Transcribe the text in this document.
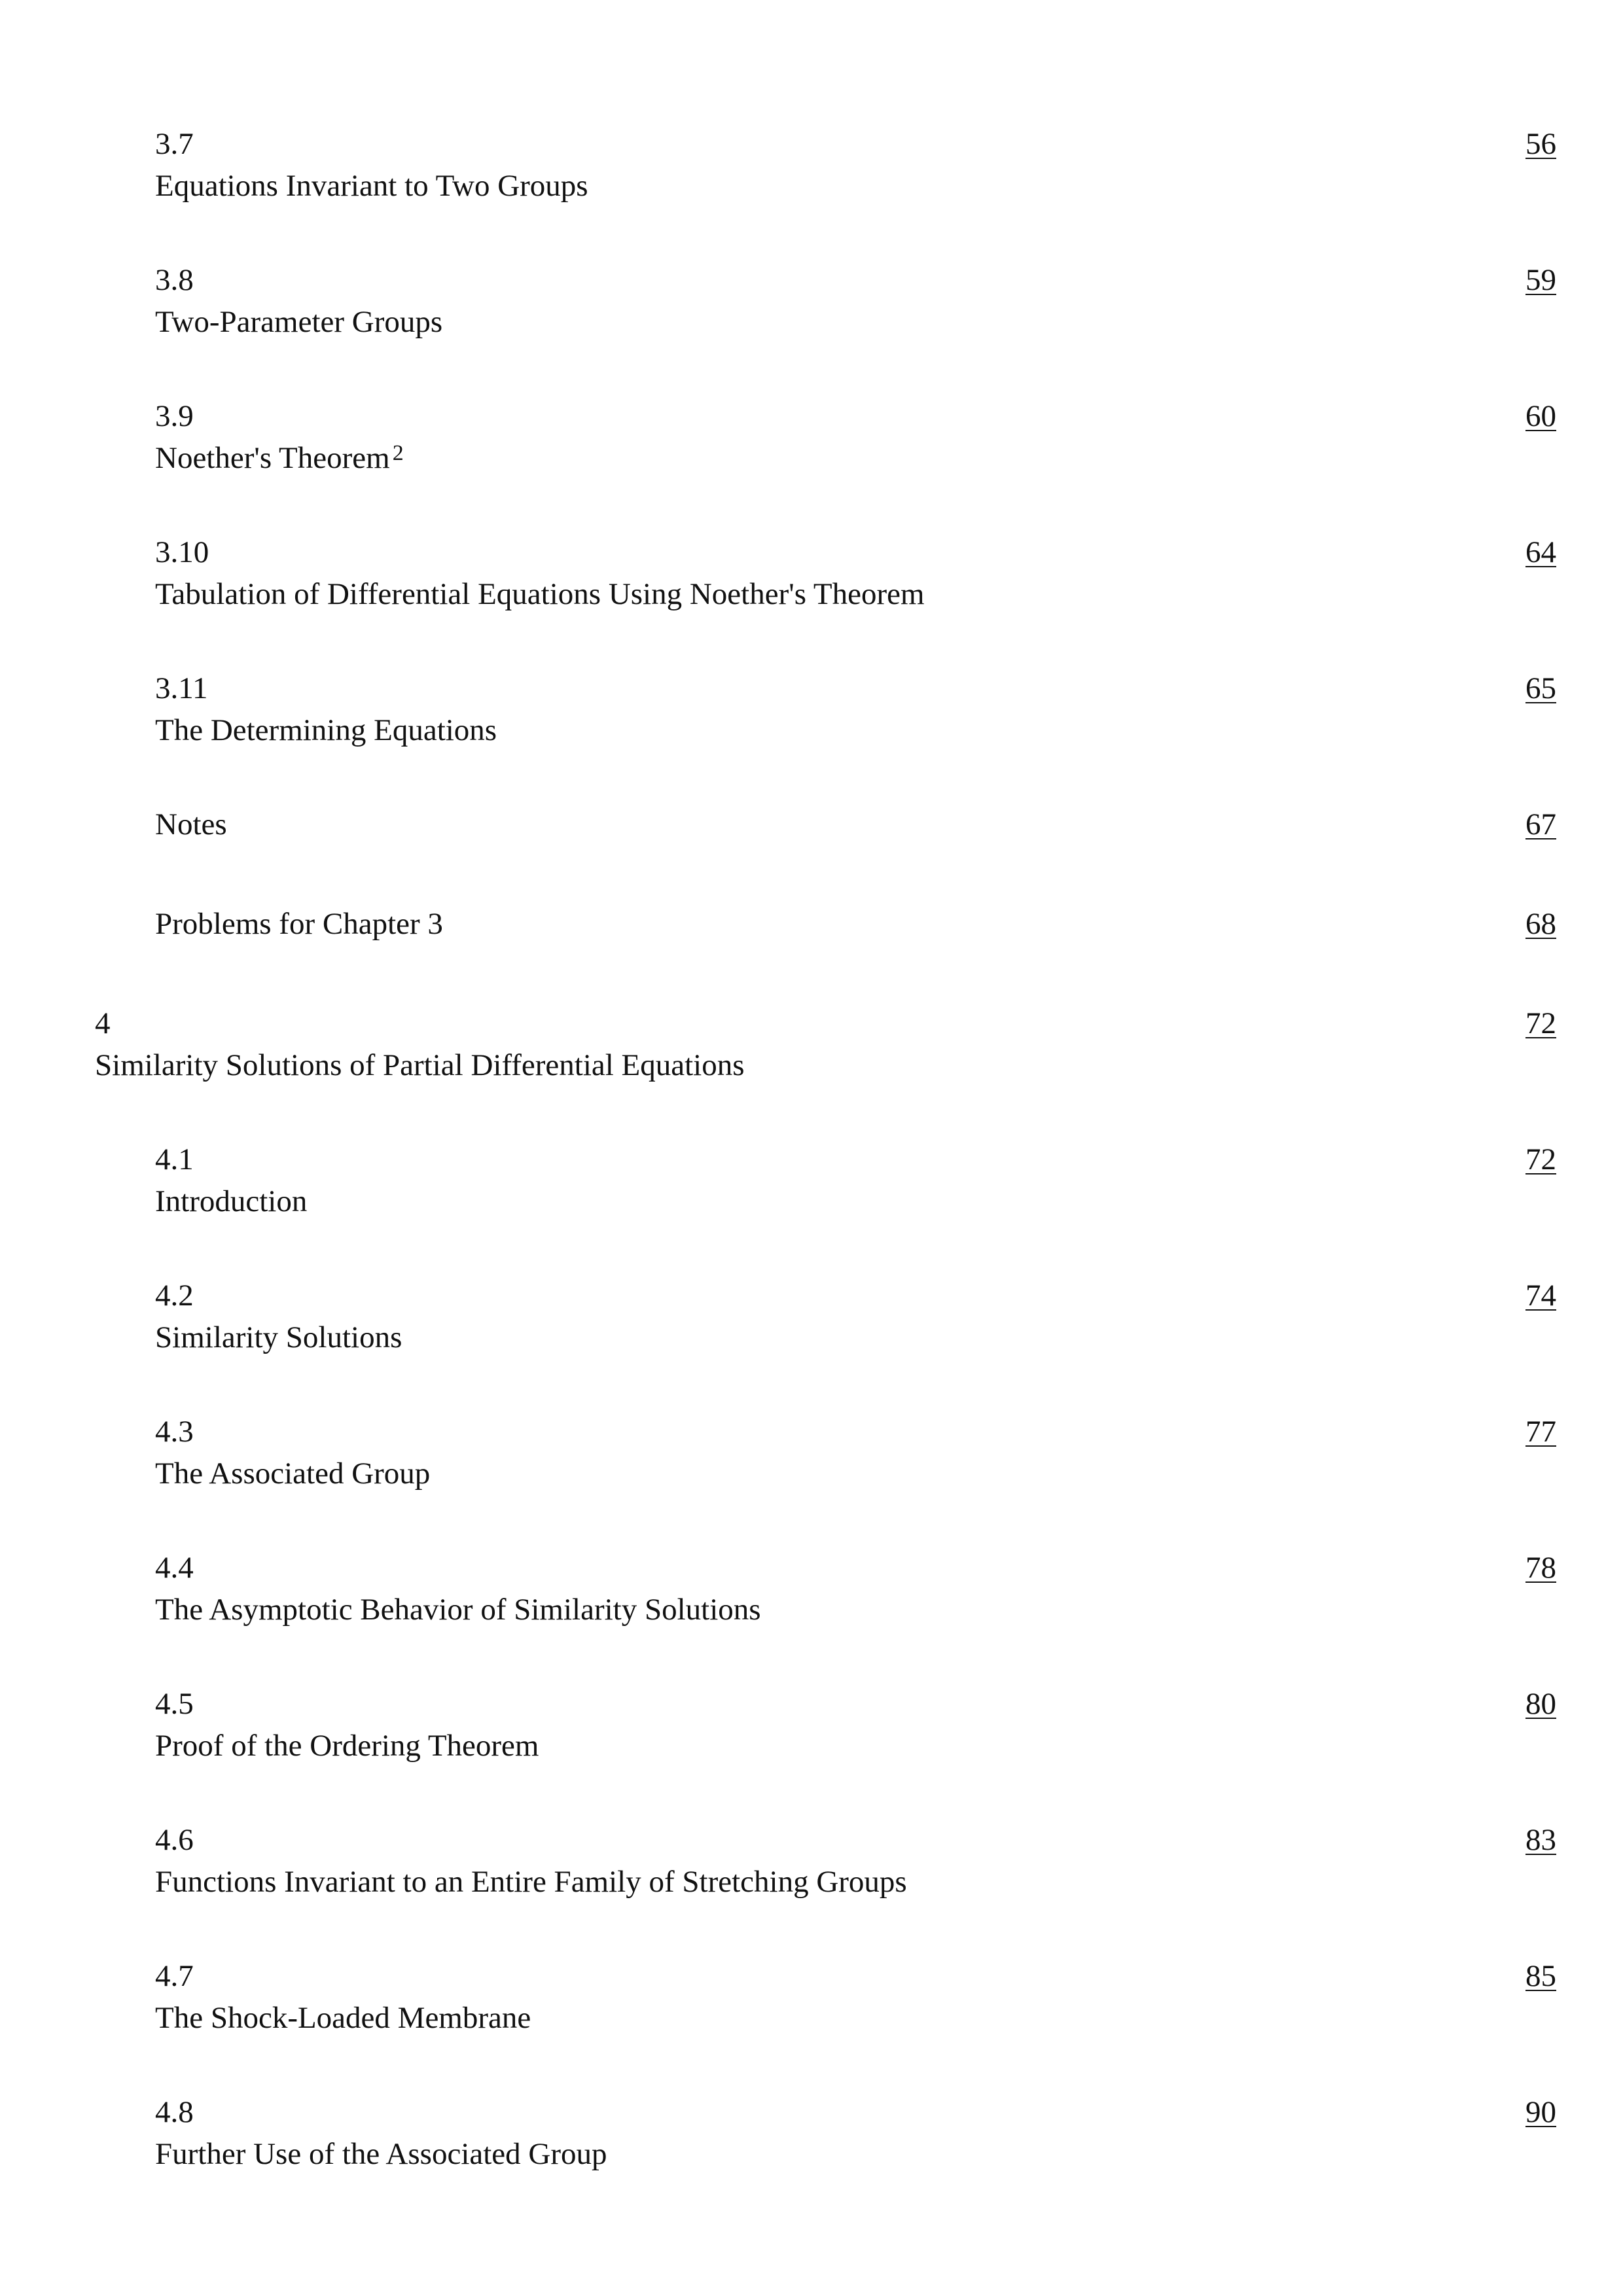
3.7
Equations Invariant to Two Groups
56
3.8
Two-Parameter Groups
59
3.9
Noether's Theorem $^2$
60
3.10
Tabulation of Differential Equations Using Noether's Theorem
64
3.11
The Determining Equations
65
Notes	67
Problems for Chapter 3	68
4
Similarity Solutions of Partial Differential Equations
72
4.1
Introduction
72
4.2
Similarity Solutions
74
4.3
The Associated Group
77
4.4
The Asymptotic Behavior of Similarity Solutions
78
4.5
Proof of the Ordering Theorem
80
4.6
Functions Invariant to an Entire Family of Stretching Groups
83
4.7
The Shock-Loaded Membrane
85
4.8
Further Use of the Associated Group
90
